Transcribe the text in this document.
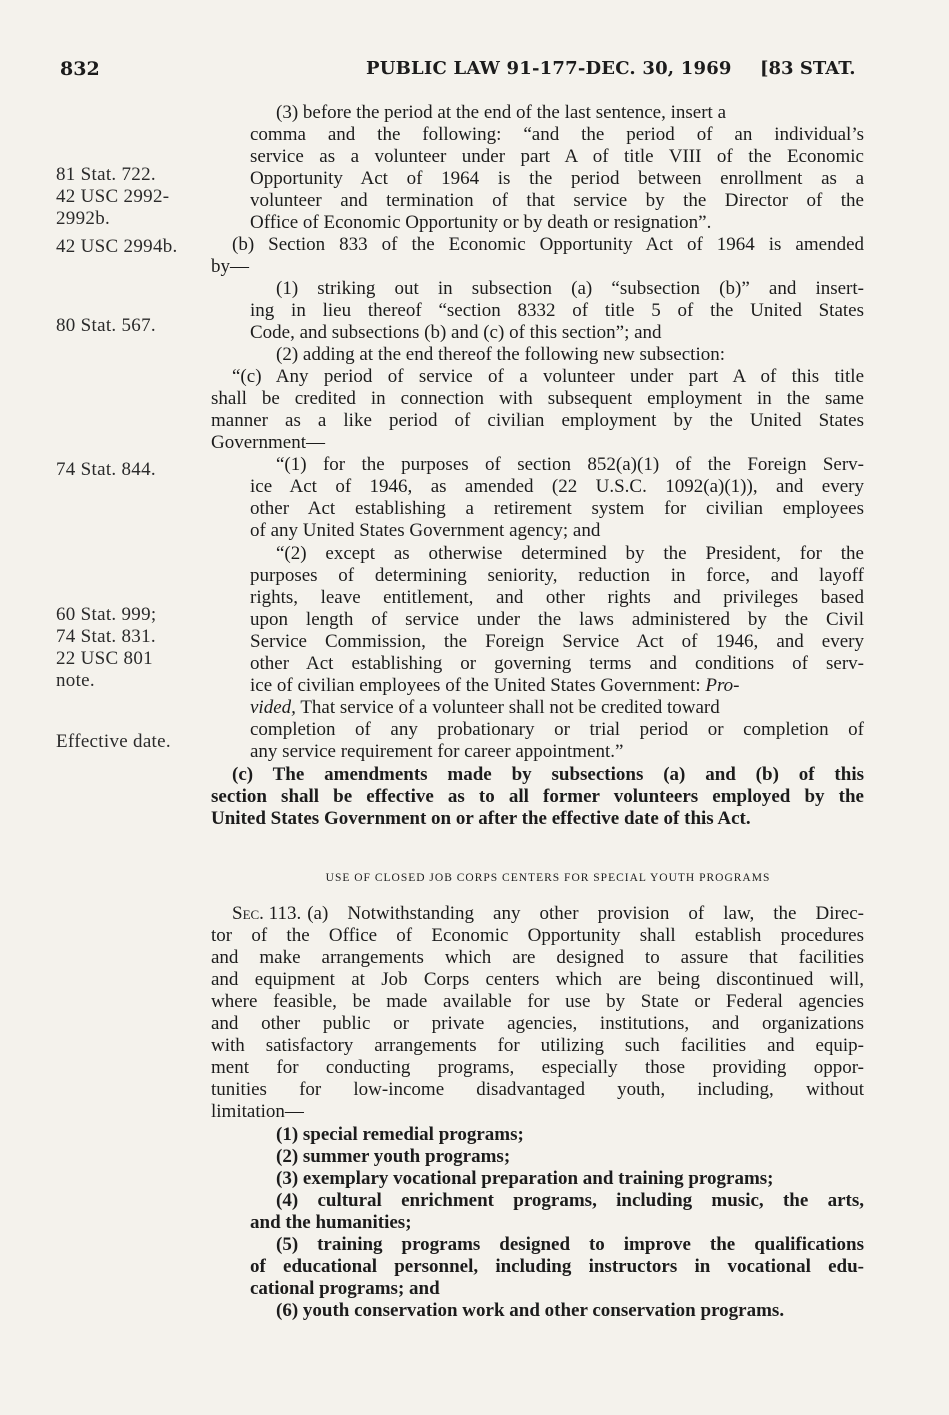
832	PUBLIC LAW 91-177-DEC. 30, 1969 [83 STAT.
81 Stat. 722.
42 USC 2992-
2992b.
42 USC 2994b.
80 Stat. 567.
74 Stat. 844.
60 Stat. 999;
74 Stat. 831.
22 USC 801
note.
Effective date.
(3) before the period at the end of the last sentence, insert a
comma and the following: “and the period of an individual’s
service as a volunteer under part A of title VIII of the Economic
Opportunity Act of 1964 is the period between enrollment as a
volunteer and termination of that service by the Director of the
Office of Economic Opportunity or by death or resignation”.
(b) Section 833 of the Economic Opportunity Act of 1964 is amended
by—
(1) striking out in subsection (a) “subsection (b)” and insert-
ing in lieu thereof “section 8332 of title 5 of the United States
Code, and subsections (b) and (c) of this section”; and
(2) adding at the end thereof the following new subsection:
“(c) Any period of service of a volunteer under part A of this title
shall be credited in connection with subsequent employment in the same
manner as a like period of civilian employment by the United States
Government—
“(1) for the purposes of section 852(a)(1) of the Foreign Serv-
ice Act of 1946, as amended (22 U.S.C. 1092(a)(1)), and every
other Act establishing a retirement system for civilian employees
of any United States Government agency; and
“(2) except as otherwise determined by the President, for the
purposes of determining seniority, reduction in force, and layoff
rights, leave entitlement, and other rights and privileges based
upon length of service under the laws administered by the Civil
Service Commission, the Foreign Service Act of 1946, and every
other Act establishing or governing terms and conditions of serv-
ice of civilian employees of the United States Government: Pro-
vided, That service of a volunteer shall not be credited toward
completion of any probationary or trial period or completion of
any service requirement for career appointment.”
(c) The amendments made by subsections (a) and (b) of this
section shall be effective as to all former volunteers employed by the
United States Government on or after the effective date of this Act.
USE OF CLOSED JOB CORPS CENTERS FOR SPECIAL YOUTH PROGRAMS
Sec. 113. (a) Notwithstanding any other provision of law, the Direc-
tor of the Office of Economic Opportunity shall establish procedures
and make arrangements which are designed to assure that facilities
and equipment at Job Corps centers which are being discontinued will,
where feasible, be made available for use by State or Federal agencies
and other public or private agencies, institutions, and organizations
with satisfactory arrangements for utilizing such facilities and equip-
ment for conducting programs, especially those providing oppor-
tunities for low-income disadvantaged youth, including, without
limitation—
(1) special remedial programs;
(2) summer youth programs;
(3) exemplary vocational preparation and training programs;
(4) cultural enrichment programs, including music, the arts,
and the humanities;
(5) training programs designed to improve the qualifications
of educational personnel, including instructors in vocational edu-
cational programs; and
(6) youth conservation work and other conservation programs.
